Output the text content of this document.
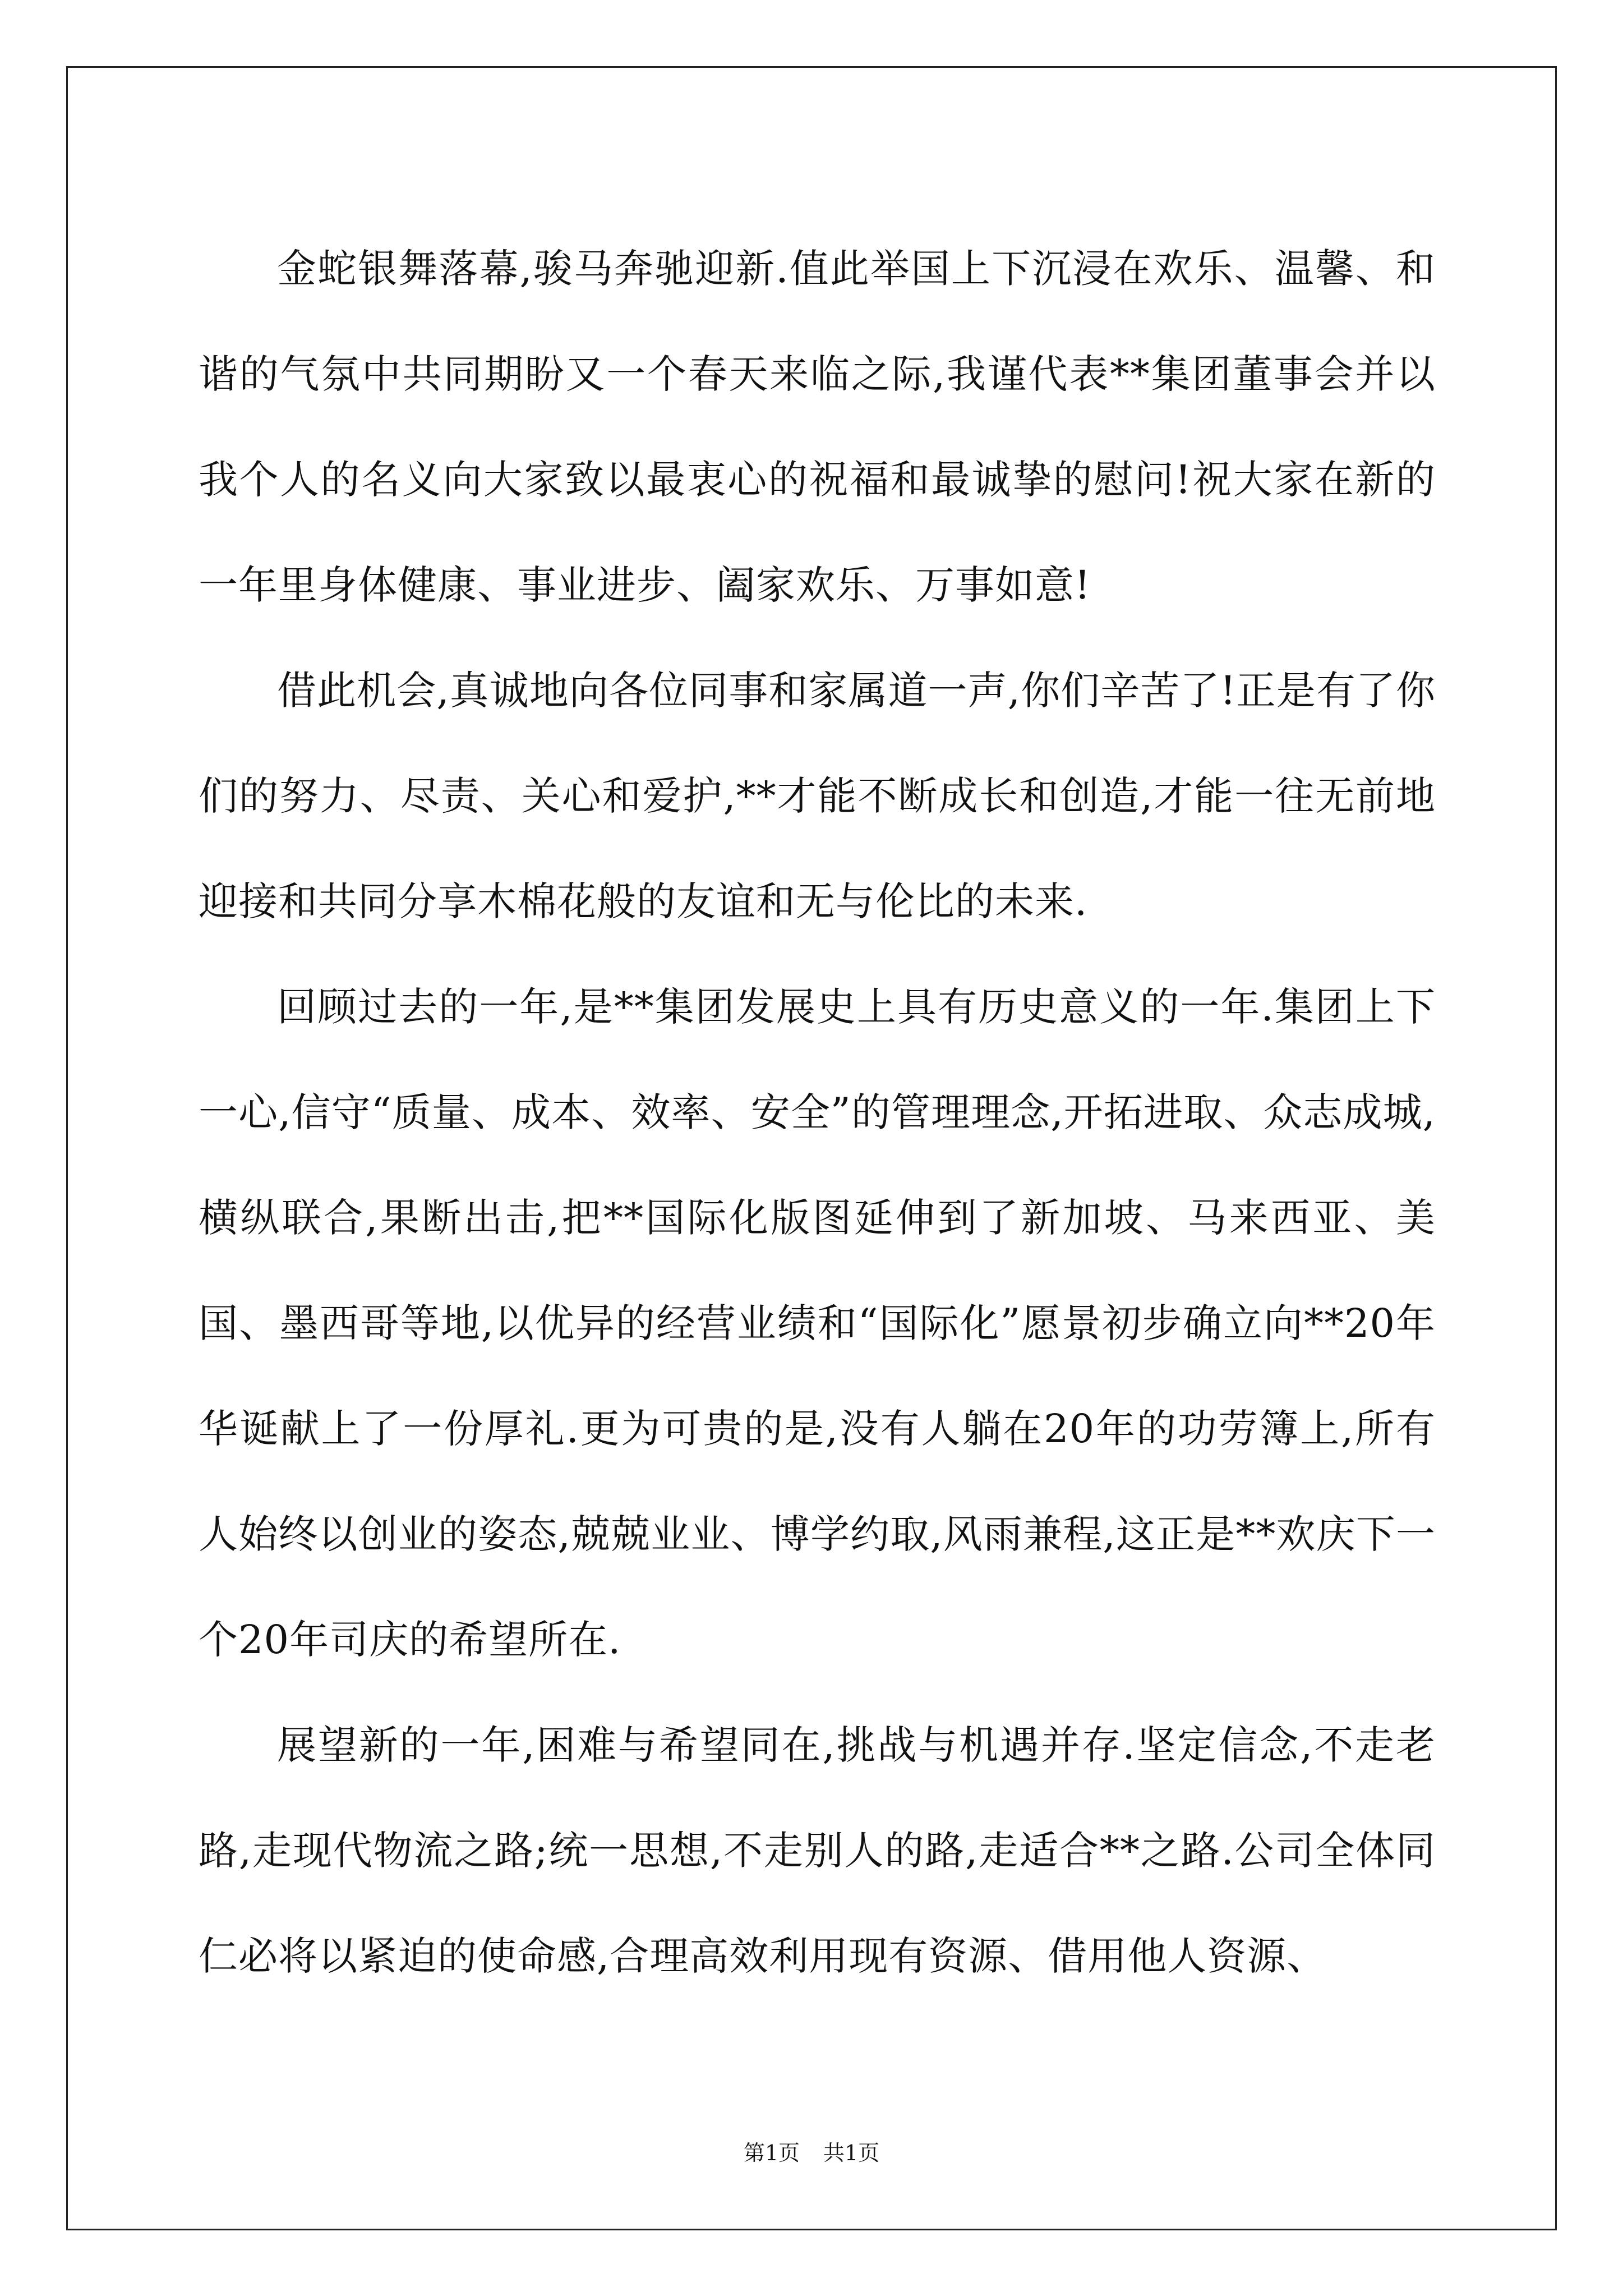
金蛇银舞落幕,骏马奔驰迎新.值此举国上下沉浸在欢乐、温馨、和谐的气氛中共同期盼又一个春天来临之际,我谨代表**集团董事会并以我个人的名义向大家致以最衷心的祝福和最诚挚的慰问!祝大家在新的一年里身体健康、事业进步、阖家欢乐、万事如意!

借此机会,真诚地向各位同事和家属道一声,你们辛苦了!正是有了你们的努力、尽责、关心和爱护,**才能不断成长和创造,才能一往无前地迎接和共同分享木棉花般的友谊和无与伦比的未来.

回顾过去的一年,是**集团发展史上具有历史意义的一年.集团上下一心,信守“质量、成本、效率、安全”的管理理念,开拓进取、众志成城,横纵联合,果断出击,把**国际化版图延伸到了新加坡、马来西亚、美国、墨西哥等地,以优异的经营业绩和“国际化”愿景初步确立向**20年华诞献上了一份厚礼.更为可贵的是,没有人躺在20年的功劳簿上,所有人始终以创业的姿态,兢兢业业、博学约取,风雨兼程,这正是**欢庆下一个20年司庆的希望所在.

展望新的一年,困难与希望同在,挑战与机遇并存.坚定信念,不走老路,走现代物流之路;统一思想,不走别人的路,走适合**之路.公司全体同仁必将以紧迫的使命感,合理高效利用现有资源、借用他人资源、

第1页 共1页
